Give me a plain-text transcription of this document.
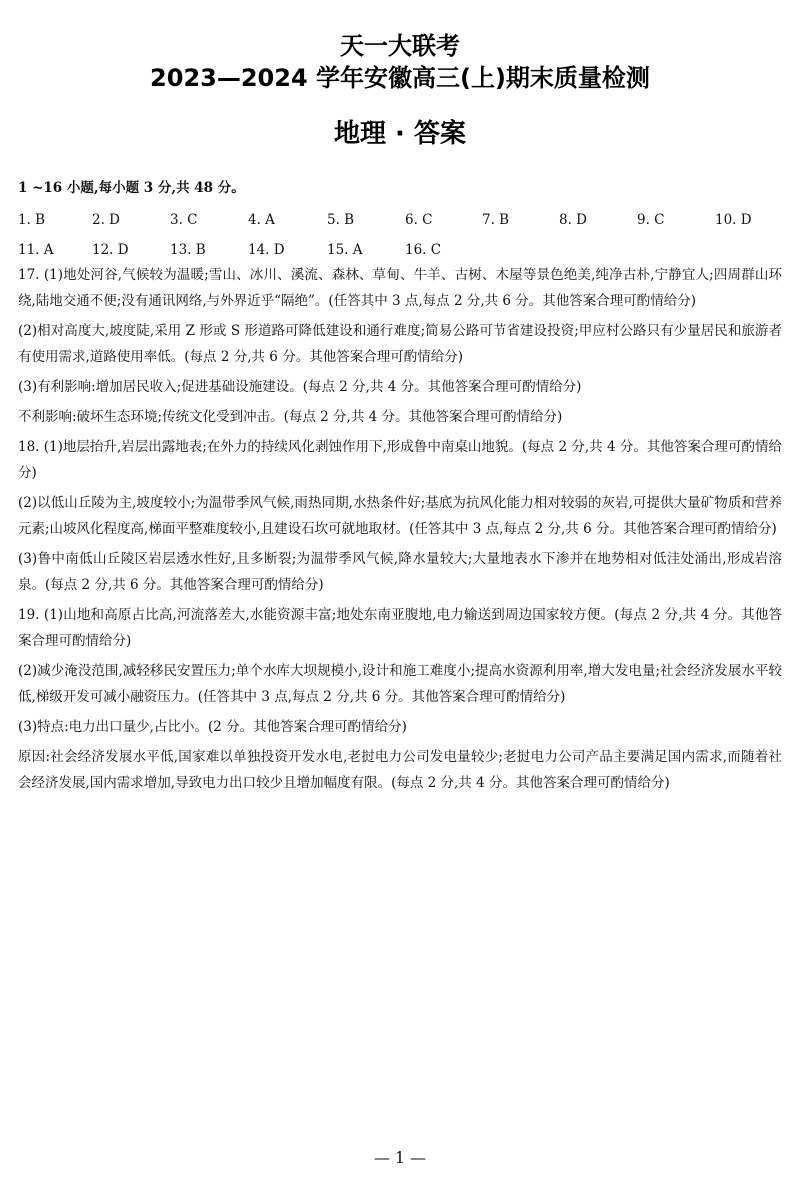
天一大联考
2023—2024 学年安徽高三(上)期末质量检测
地理 · 答案
1 ~16 小题,每小题 3 分,共 48 分。
1. B	2. D	3. C	4. A	5. B	6. C	7. B	8. D	9. C	10. D
11. A	12. D	13. B	14. D	15. A	16. C

17. (1)地处河谷,气候较为温暖;雪山、冰川、溪流、森林、草甸、牛羊、古树、木屋等景色绝美,纯净古朴,宁静宜人;四周群山环绕,陆地交通不便;没有通讯网络,与外界近乎“隔绝”。(任答其中 3 点,每点 2 分,共 6 分。其他答案合理可酌情给分)

(2)相对高度大,坡度陡,采用 Z 形或 S 形道路可降低建设和通行难度;简易公路可节省建设投资;甲应村公路只有少量居民和旅游者有使用需求,道路使用率低。(每点 2 分,共 6 分。其他答案合理可酌情给分)

(3)有利影响:增加居民收入;促进基础设施建设。(每点 2 分,共 4 分。其他答案合理可酌情给分)

不利影响:破坏生态环境;传统文化受到冲击。(每点 2 分,共 4 分。其他答案合理可酌情给分)

18. (1)地层抬升,岩层出露地表;在外力的持续风化剥蚀作用下,形成鲁中南桌山地貌。(每点 2 分,共 4 分。其他答案合理可酌情给分)

(2)以低山丘陵为主,坡度较小;为温带季风气候,雨热同期,水热条件好;基底为抗风化能力相对较弱的灰岩,可提供大量矿物质和营养元素;山坡风化程度高,梯面平整难度较小,且建设石坎可就地取材。(任答其中 3 点,每点 2 分,共 6 分。其他答案合理可酌情给分)

(3)鲁中南低山丘陵区岩层透水性好,且多断裂;为温带季风气候,降水量较大;大量地表水下渗并在地势相对低洼处涌出,形成岩溶泉。(每点 2 分,共 6 分。其他答案合理可酌情给分)

19. (1)山地和高原占比高,河流落差大,水能资源丰富;地处东南亚腹地,电力输送到周边国家较方便。(每点 2 分,共 4 分。其他答案合理可酌情给分)

(2)减少淹没范围,减轻移民安置压力;单个水库大坝规模小,设计和施工难度小;提高水资源利用率,增大发电量;社会经济发展水平较低,梯级开发可减小融资压力。(任答其中 3 点,每点 2 分,共 6 分。其他答案合理可酌情给分)

(3)特点:电力出口量少,占比小。(2 分。其他答案合理可酌情给分)

原因:社会经济发展水平低,国家难以单独投资开发水电,老挝电力公司发电量较少;老挝电力公司产品主要满足国内需求,而随着社会经济发展,国内需求增加,导致电力出口较少且增加幅度有限。(每点 2 分,共 4 分。其他答案合理可酌情给分)

— 1 —
